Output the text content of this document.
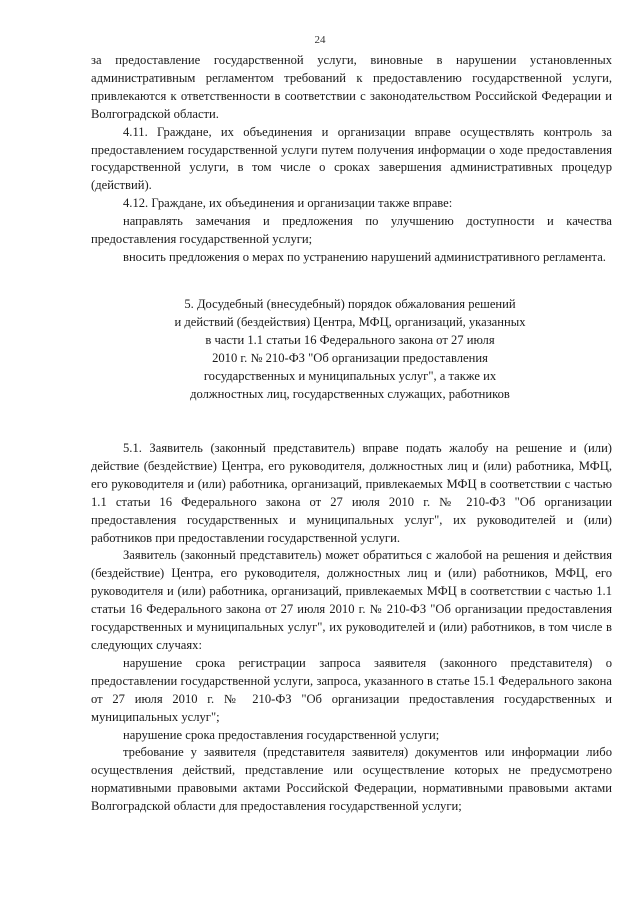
24

за предоставление государственной услуги, виновные в нарушении установленных административным регламентом требований к предоставлению государственной услуги, привлекаются к ответственности в соответствии с законодательством Российской Федерации и Волгоградской области.

4.11. Граждане, их объединения и организации вправе осуществлять контроль за предоставлением государственной услуги путем получения информации о ходе предоставления государственной услуги, в том числе о сроках завершения административных процедур (действий).

4.12. Граждане, их объединения и организации также вправе:

направлять замечания и предложения по улучшению доступности и качества предоставления государственной услуги;

вносить предложения о мерах по устранению нарушений административного регламента.

5. Досудебный (внесудебный) порядок обжалования решений
и действий (бездействия) Центра, МФЦ, организаций, указанных
в части 1.1 статьи 16 Федерального закона от 27 июля
2010 г. № 210-ФЗ "Об организации предоставления
государственных и муниципальных услуг", а также их
должностных лиц, государственных служащих, работников

5.1. Заявитель (законный представитель) вправе подать жалобу на решение и (или) действие (бездействие) Центра, его руководителя, должностных лиц и (или) работника, МФЦ, его руководителя и (или) работника, организаций, привлекаемых МФЦ в соответствии с частью 1.1 статьи 16 Федерального закона от 27 июля 2010 г. № 210-ФЗ "Об организации предоставления государственных и муниципальных услуг", их руководителей и (или) работников при предоставлении государственной услуги.

Заявитель (законный представитель) может обратиться с жалобой на решения и действия (бездействие) Центра, его руководителя, должностных лиц и (или) работников, МФЦ, его руководителя и (или) работника, организаций, привлекаемых МФЦ в соответствии с частью 1.1 статьи 16 Федерального закона от 27 июля 2010 г. № 210-ФЗ "Об организации предоставления государственных и муниципальных услуг", их руководителей и (или) работников, в том числе в следующих случаях:

нарушение срока регистрации запроса заявителя (законного представителя) о предоставлении государственной услуги, запроса, указанного в статье 15.1 Федерального закона от 27 июля 2010 г. № 210-ФЗ "Об организации предоставления государственных и муниципальных услуг";

нарушение срока предоставления государственной услуги;

требование у заявителя (представителя заявителя) документов или информации либо осуществления действий, представление или осуществление которых не предусмотрено нормативными правовыми актами Российской Федерации, нормативными правовыми актами Волгоградской области для предоставления государственной услуги;
